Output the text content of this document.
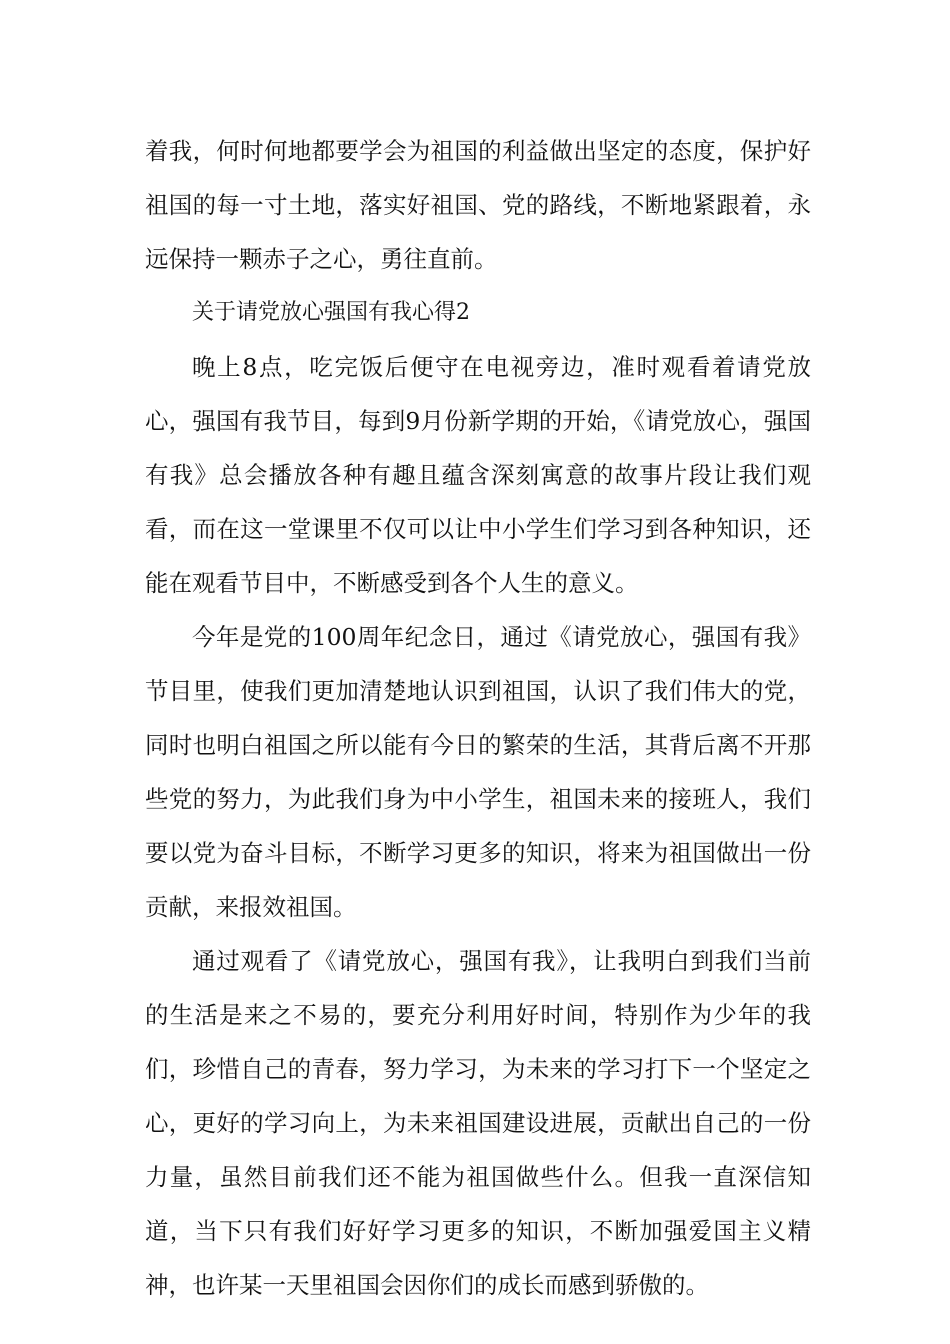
着我，何时何地都要学会为祖国的利益做出坚定的态度，保护好祖国的每一寸土地，落实好祖国、党的路线，不断地紧跟着，永远保持一颗赤子之心，勇往直前。

关于请党放心强国有我心得2

晚上8点，吃完饭后便守在电视旁边，准时观看着请党放心，强国有我节目，每到9月份新学期的开始，《请党放心，强国有我》总会播放各种有趣且蕴含深刻寓意的故事片段让我们观看，而在这一堂课里不仅可以让中小学生们学习到各种知识，还能在观看节目中，不断感受到各个人生的意义。

今年是党的100周年纪念日，通过《请党放心，强国有我》节目里，使我们更加清楚地认识到祖国，认识了我们伟大的党，同时也明白祖国之所以能有今日的繁荣的生活，其背后离不开那些党的努力，为此我们身为中小学生，祖国未来的接班人，我们要以党为奋斗目标，不断学习更多的知识，将来为祖国做出一份贡献，来报效祖国。

通过观看了《请党放心，强国有我》，让我明白到我们当前的生活是来之不易的，要充分利用好时间，特别作为少年的我们，珍惜自己的青春，努力学习，为未来的学习打下一个坚定之心，更好的学习向上，为未来祖国建设进展，贡献出自己的一份力量，虽然目前我们还不能为祖国做些什么。但我一直深信知道，当下只有我们好好学习更多的知识，不断加强爱国主义精神，也许某一天里祖国会因你们的成长而感到骄傲的。
